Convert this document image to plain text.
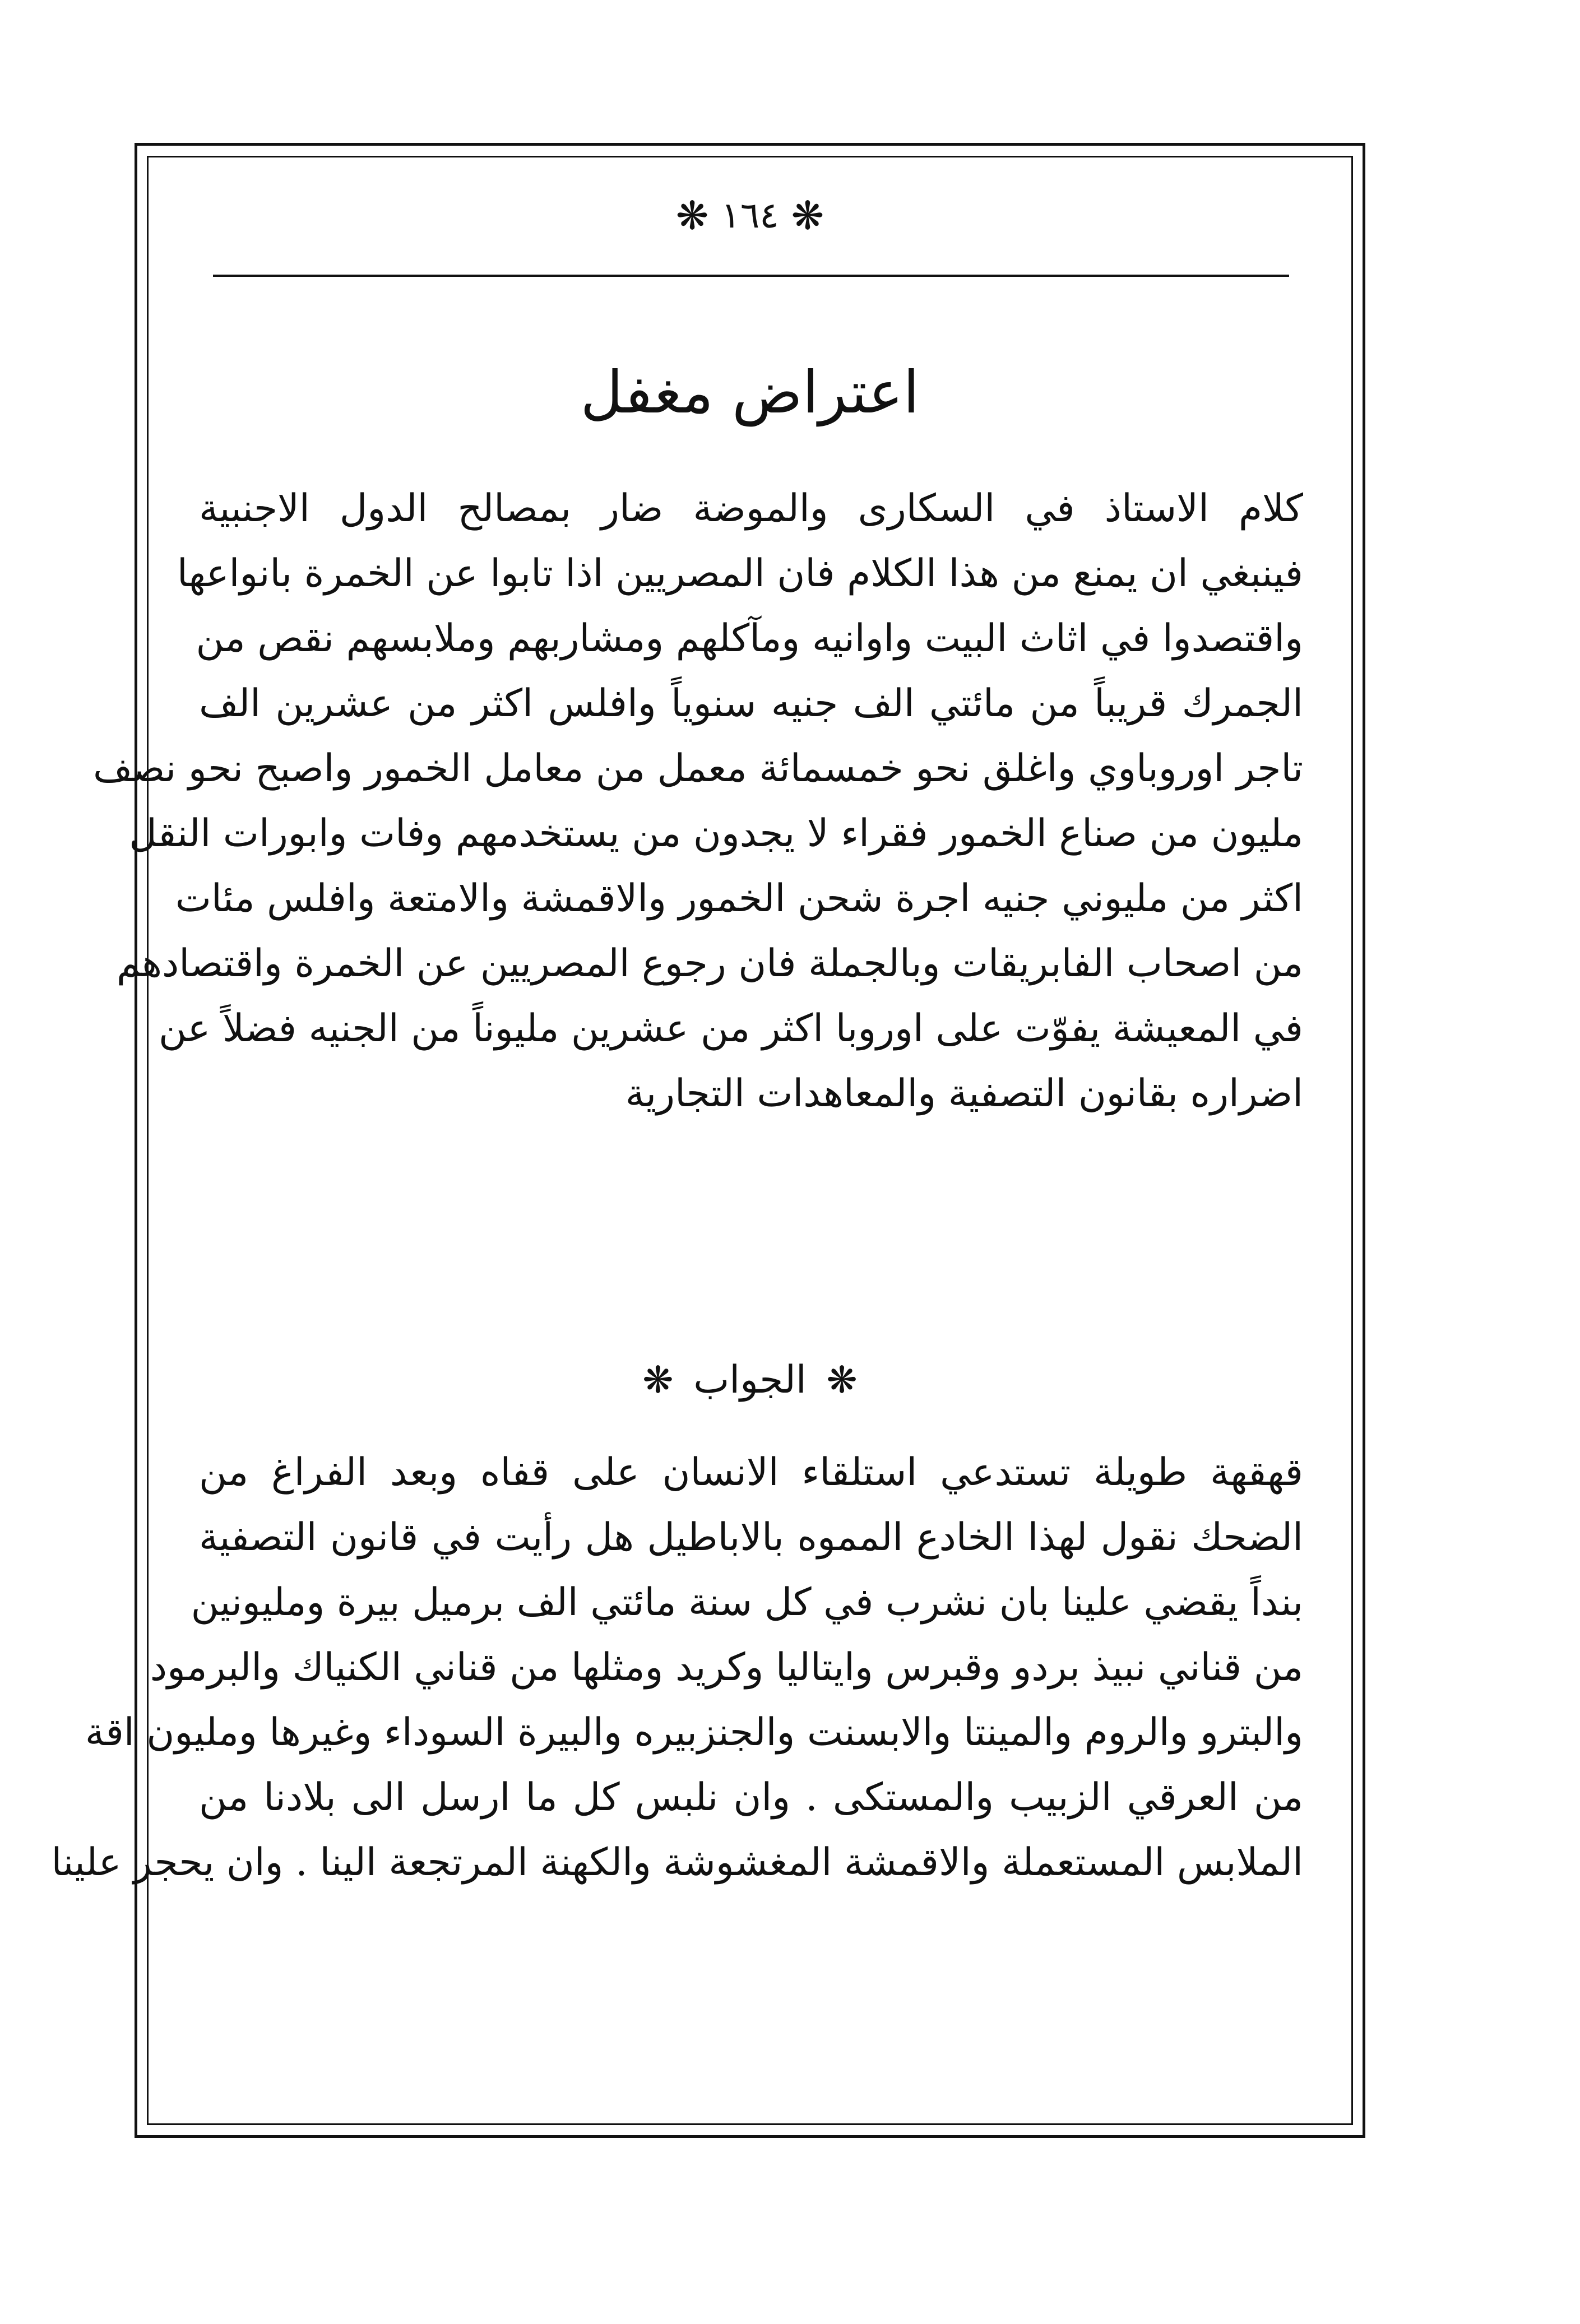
❋
١٦٤
❋
اعتراض مغفل
كلام الاستاذ في السكارى والموضة ضار بمصالح الدول الاجنبية
فينبغي ان يمنع من هذا الكلام فان المصريين اذا تابوا عن الخمرة بانواعها
واقتصدوا في اثاث البيت واوانيه ومآكلهم ومشاربهم وملابسهم نقص من
الجمرك قريباً من مائتي الف جنيه سنوياً وافلس اكثر من عشرين الف
تاجر اوروباوي واغلق نحو خمسمائة معمل من معامل الخمور واصبح نحو نصف
مليون من صناع الخمور فقراء لا يجدون من يستخدمهم وفات وابورات النقل
اكثر من مليوني جنيه اجرة شحن الخمور والاقمشة والامتعة وافلس مئات
من اصحاب الفابريقات وبالجملة فان رجوع المصريين عن الخمرة واقتصادهم
في المعيشة يفوّت على اوروبا اكثر من عشرين مليوناً من الجنيه فضلاً عن
اضراره بقانون التصفية والمعاهدات التجارية
❋ الجواب ❋
قهقهة طويلة تستدعي استلقاء الانسان على قفاه وبعد الفراغ من
الضحك نقول لهذا الخادع المموه بالاباطيل هل رأيت في قانون التصفية
بنداً يقضي علينا بان نشرب في كل سنة مائتي الف برميل بيرة ومليونين
من قناني نبيذ بردو وقبرس وايتاليا وكريد ومثلها من قناني الكنياك والبرمود
والبترو والروم والمينتا والابسنت والجنزبيره والبيرة السوداء وغيرها ومليون اقة
من العرقي الزبيب والمستكى . وان نلبس كل ما ارسل الى بلادنا من
الملابس المستعملة والاقمشة المغشوشة والكهنة المرتجعة الينا . وان يحجر علينا
